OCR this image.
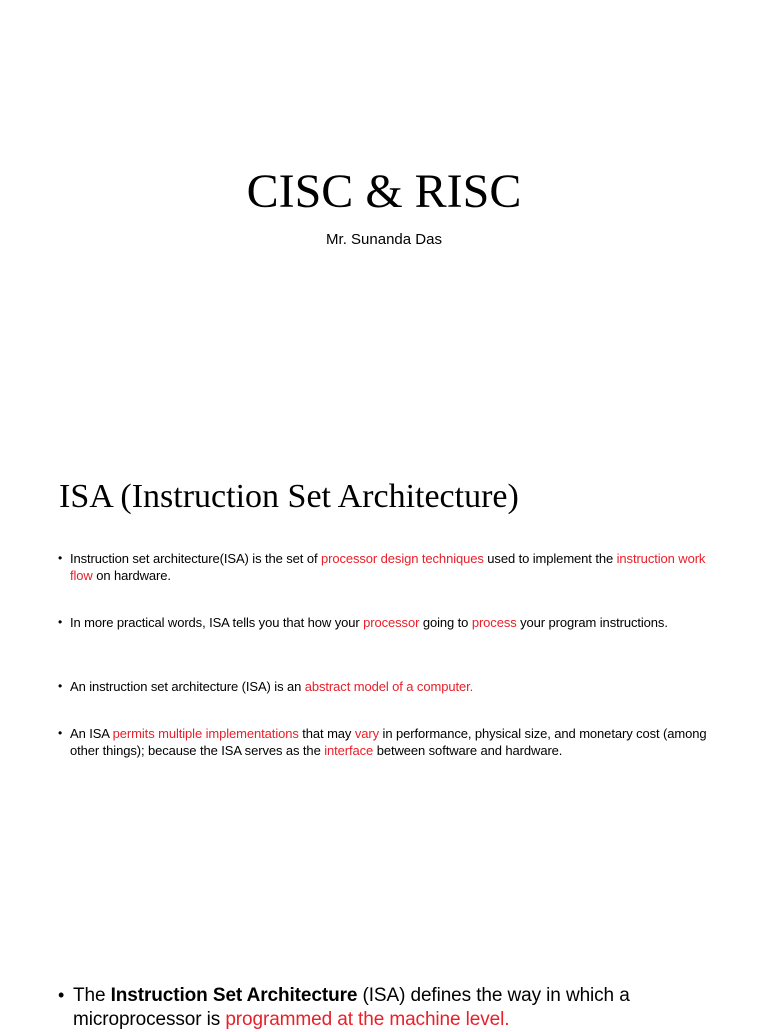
CISC & RISC
Mr. Sunanda Das
ISA (Instruction Set Architecture)
• Instruction set architecture(ISA) is the set of processor design techniques used to implement the instruction work flow on hardware.
• In more practical words, ISA tells you that how your processor going to process your program instructions.
• An instruction set architecture (ISA) is an abstract model of a computer.
• An ISA permits multiple implementations that may vary in performance, physical size, and monetary cost (among other things); because the ISA serves as the interface between software and hardware.
• The Instruction Set Architecture (ISA) defines the way in which a microprocessor is programmed at the machine level.
